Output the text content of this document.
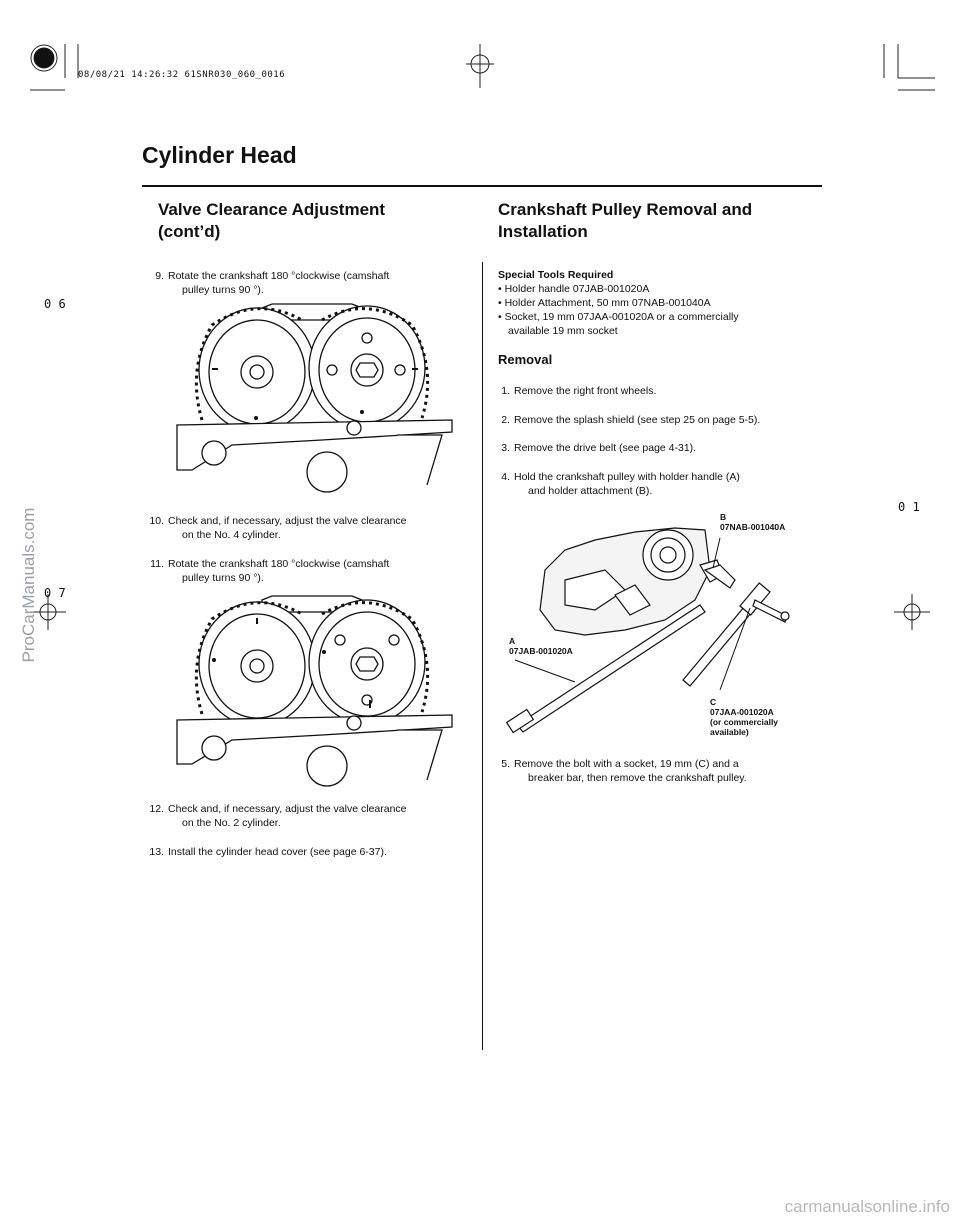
08/08/21 14:26:32 61SNR030_060_0016
0 6
0 1
0 7
Cylinder Head
Valve Clearance Adjustment
(cont’d)
Crankshaft Pulley Removal and
Installation
9. Rotate the crankshaft 180 °clockwise (camshaft
pulley turns 90 °).
10. Check and, if necessary, adjust the valve clearance
on the No. 4 cylinder.
11. Rotate the crankshaft 180 °clockwise (camshaft
pulley turns 90 °).
12. Check and, if necessary, adjust the valve clearance
on the No. 2 cylinder.
13. Install the cylinder head cover (see page 6-37).
Special Tools Required
• Holder handle 07JAB-001020A
• Holder Attachment, 50 mm 07NAB-001040A
• Socket, 19 mm 07JAA-001020A or a commercially
available 19 mm socket
Removal
1. Remove the right front wheels.
2. Remove the splash shield (see step 25 on page 5-5).
3. Remove the drive belt (see page 4-31).
4. Hold the crankshaft pulley with holder handle (A)
and holder attachment (B).
B
07NAB-001040A
A
07JAB-001020A
C
07JAA-001020A
(or commercially
available)
5. Remove the bolt with a socket, 19 mm (C) and a
breaker bar, then remove the crankshaft pulley.
ProCarManuals.com
carmanualsonline.info
